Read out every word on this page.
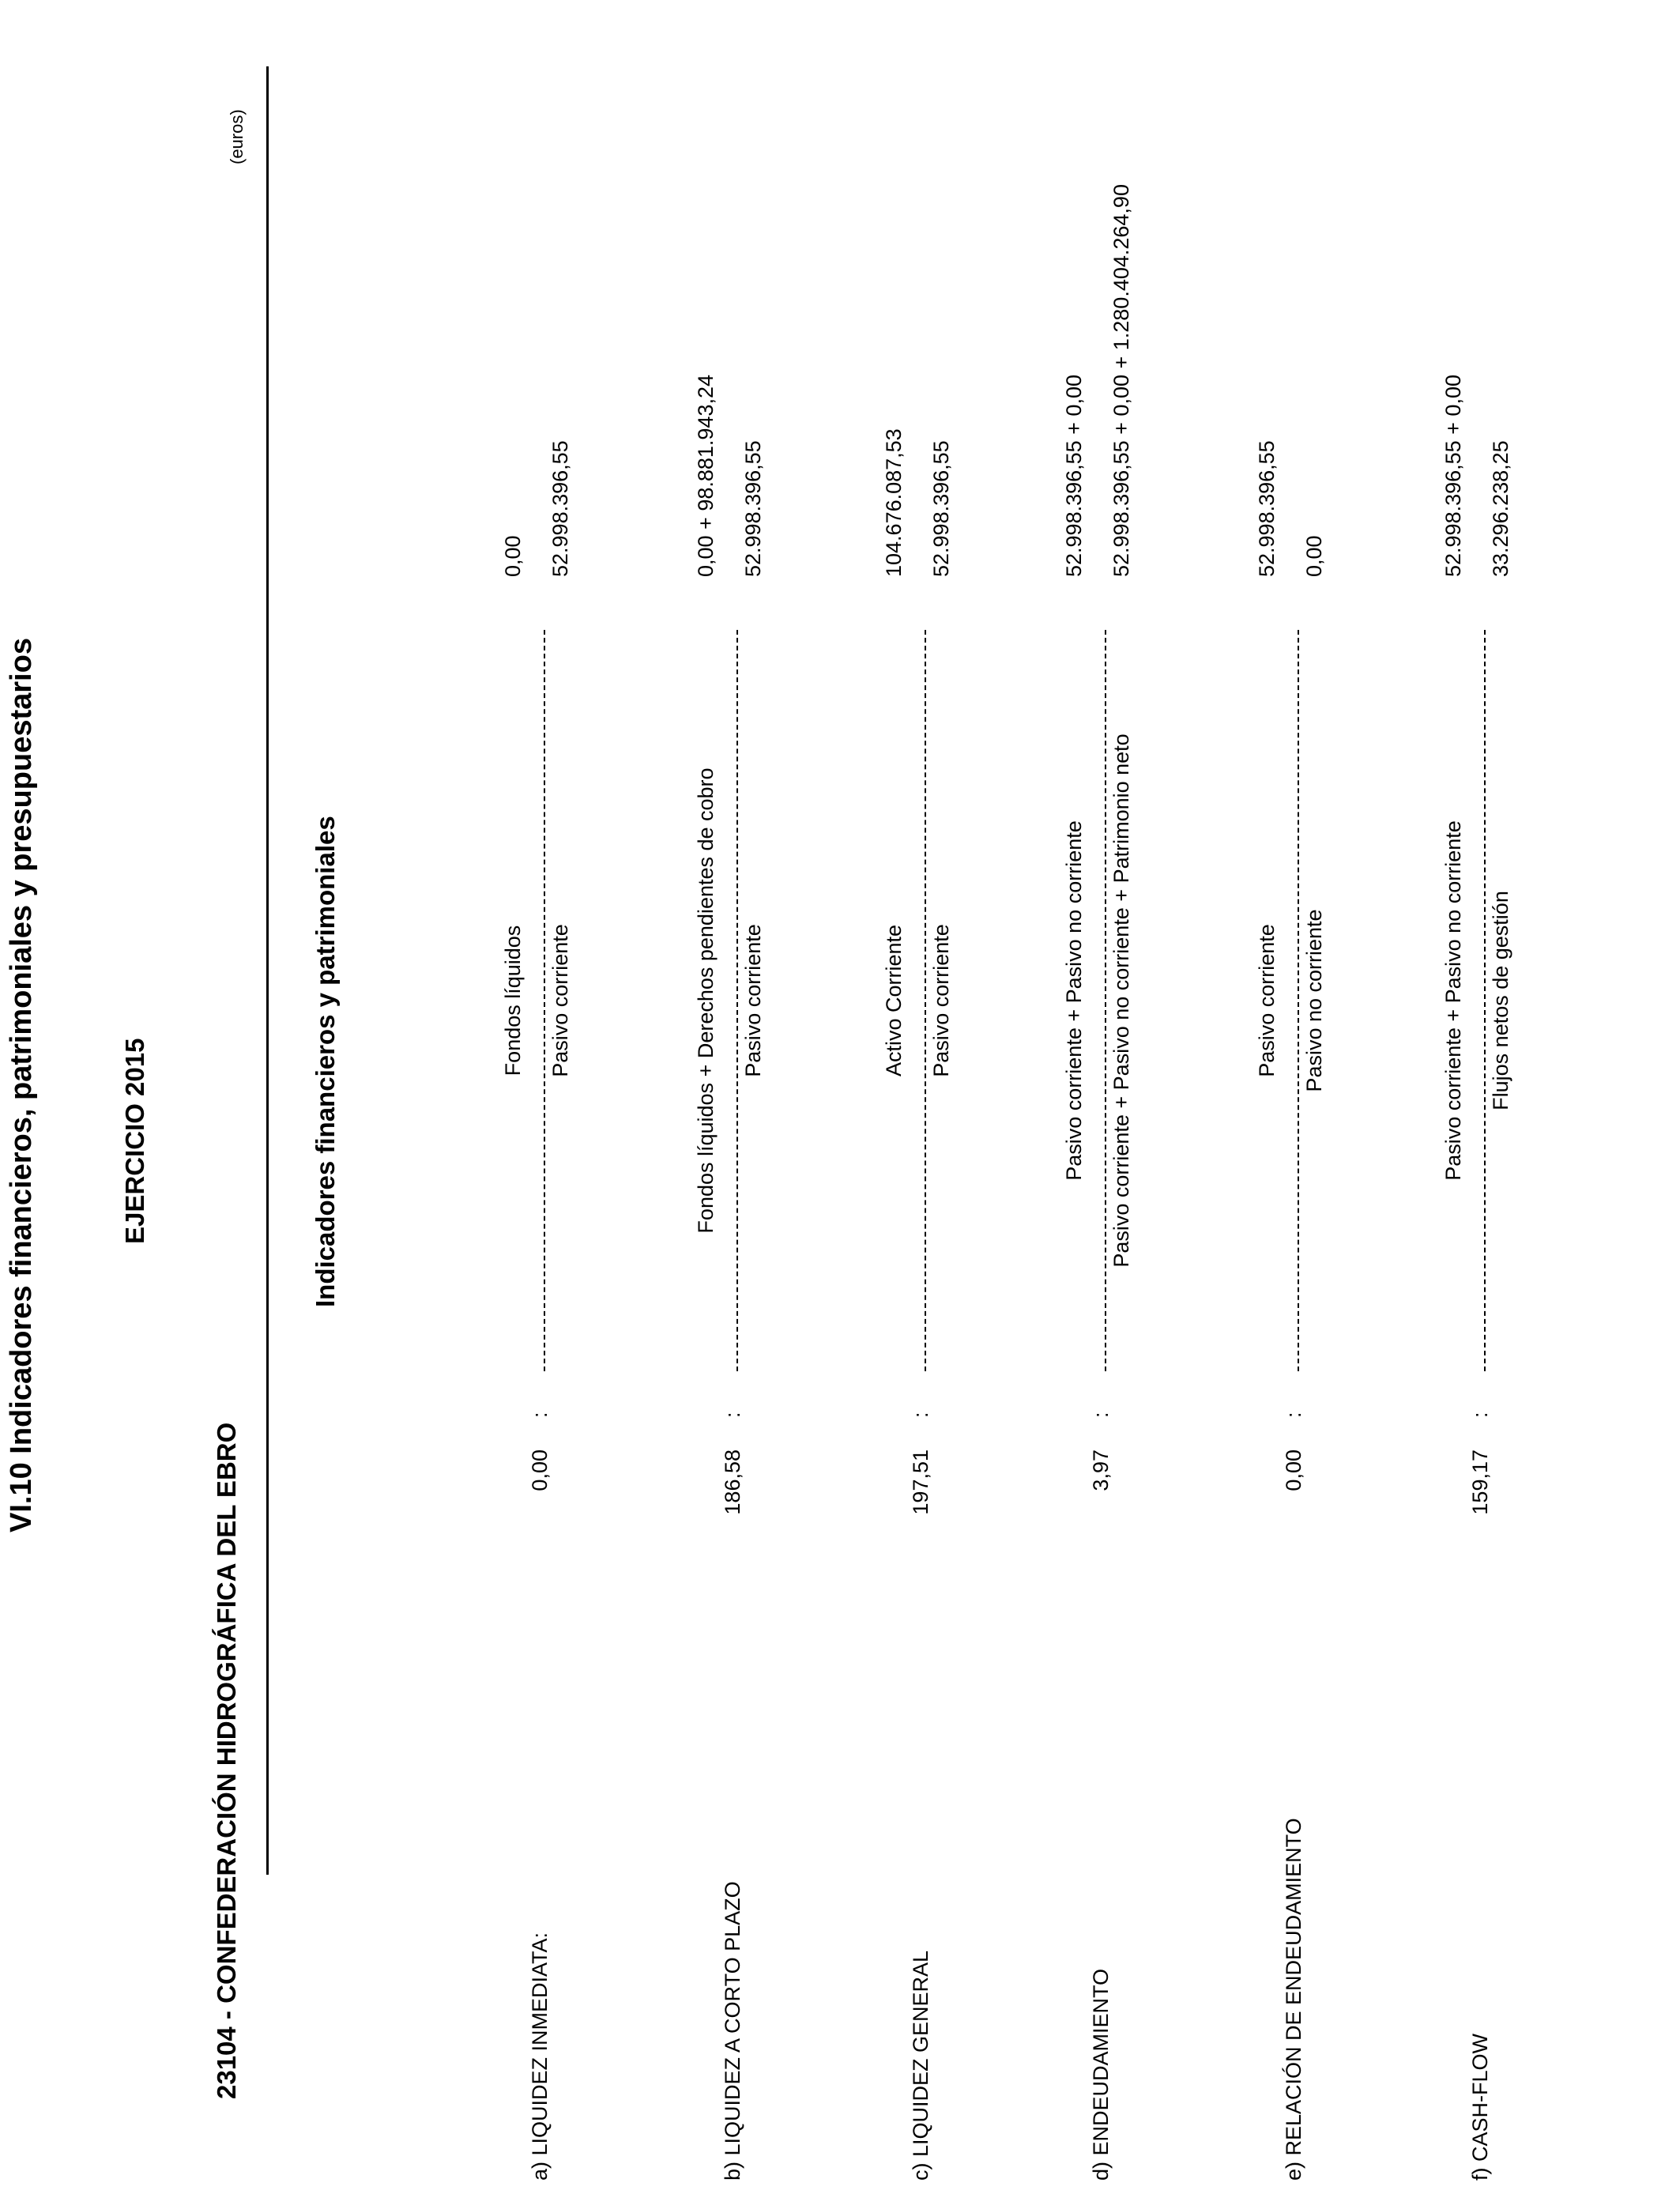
VI.10 Indicadores financieros, patrimoniales y presupuestarios
23104 - CONFEDERACIÓN HIDROGRÁFICA DEL EBRO
EJERCICIO 2015	Indicadores financieros y patrimoniales
(euros)
a) LIQUIDEZ INMEDIATA:
0,00
:
Fondos líquidos Pasivo corriente
0,00 52.998.396,55
b) LIQUIDEZ A CORTO PLAZO
186,58
:
Fondos líquidos + Derechos pendientes de cobro Pasivo corriente
0,00 + 98.881.943,24 52.998.396,55
c) LIQUIDEZ GENERAL
197,51
:
Activo Corriente Pasivo corriente
104.676.087,53 52.998.396,55
d) ENDEUDAMIENTO
3,97
:
Pasivo corriente + Pasivo no corriente Pasivo corriente + Pasivo no corriente + Patrimonio neto
52.998.396,55 + 0,00 52.998.396,55 + 0,00 + 1.280.404.264,90
e) RELACIÓN DE ENDEUDAMIENTO
0,00
:
Pasivo corriente Pasivo no corriente
52.998.396,55 0,00
f) CASH-FLOW
159,17
:
Pasivo corriente + Pasivo no corriente Flujos netos de gestión
52.998.396,55 + 0,00 33.296.238,25
